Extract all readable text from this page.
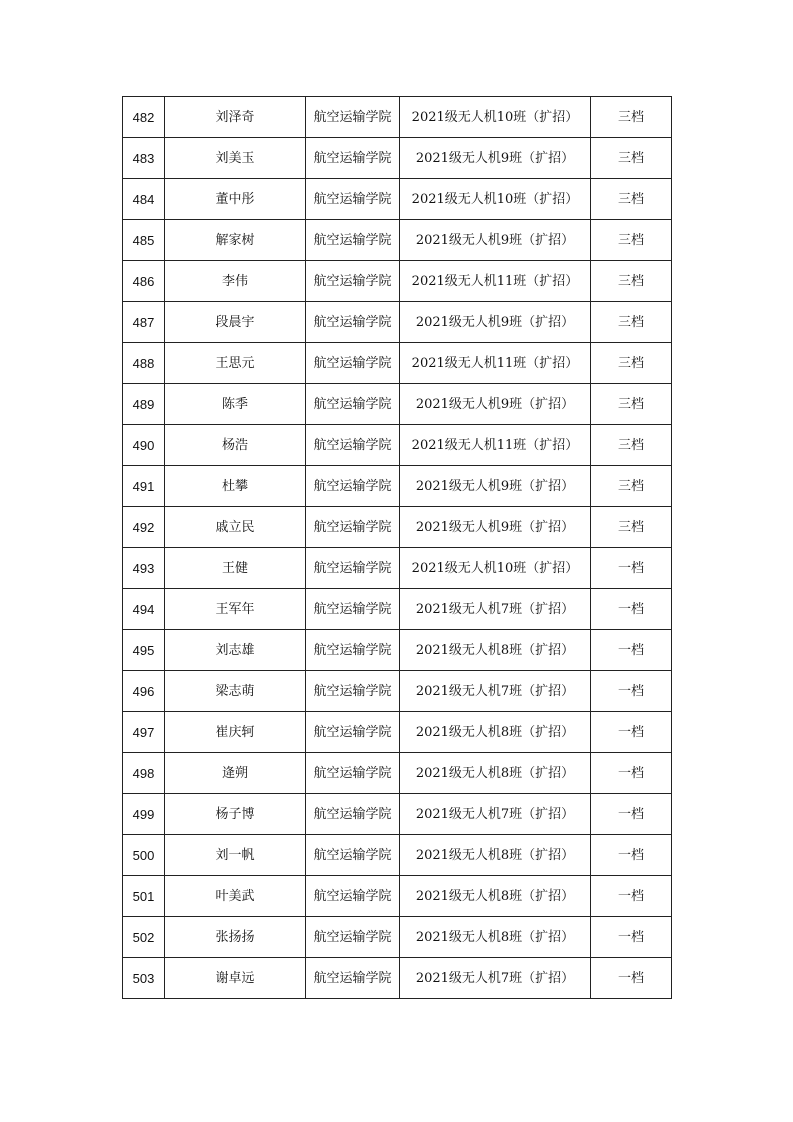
482	刘泽奇	航空运输学院	2021级无人机10班（扩招）	三档
483	刘美玉	航空运输学院	2021级无人机9班（扩招）	三档
484	董中彤	航空运输学院	2021级无人机10班（扩招）	三档
485	解家树	航空运输学院	2021级无人机9班（扩招）	三档
486	李伟	航空运输学院	2021级无人机11班（扩招）	三档
487	段晨宇	航空运输学院	2021级无人机9班（扩招）	三档
488	王思元	航空运输学院	2021级无人机11班（扩招）	三档
489	陈季	航空运输学院	2021级无人机9班（扩招）	三档
490	杨浩	航空运输学院	2021级无人机11班（扩招）	三档
491	杜攀	航空运输学院	2021级无人机9班（扩招）	三档
492	戚立民	航空运输学院	2021级无人机9班（扩招）	三档
493	王健	航空运输学院	2021级无人机10班（扩招）	一档
494	王军年	航空运输学院	2021级无人机7班（扩招）	一档
495	刘志雄	航空运输学院	2021级无人机8班（扩招）	一档
496	梁志萌	航空运输学院	2021级无人机7班（扩招）	一档
497	崔庆轲	航空运输学院	2021级无人机8班（扩招）	一档
498	逄朔	航空运输学院	2021级无人机8班（扩招）	一档
499	杨子博	航空运输学院	2021级无人机7班（扩招）	一档
500	刘一帆	航空运输学院	2021级无人机8班（扩招）	一档
501	叶美武	航空运输学院	2021级无人机8班（扩招）	一档
502	张扬扬	航空运输学院	2021级无人机8班（扩招）	一档
503	谢卓远	航空运输学院	2021级无人机7班（扩招）	一档
